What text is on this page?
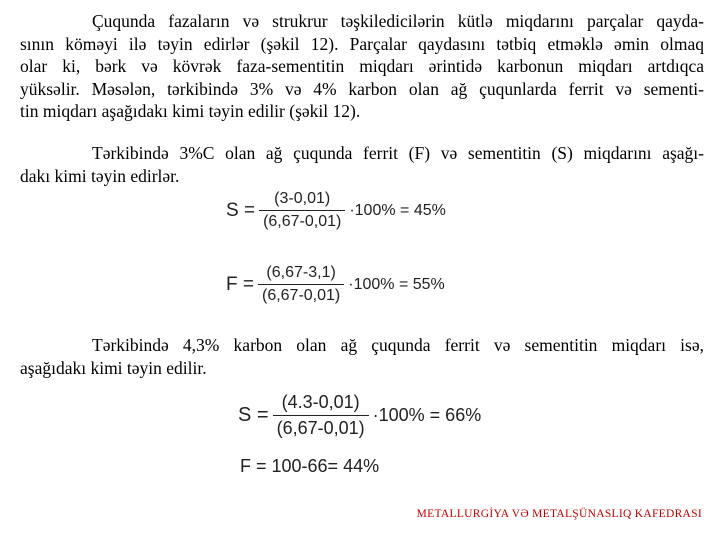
Çuqunda fazaların və strukrur təşkiledicilərin kütlə miqdarını parçalar qayda-
sının köməyi ilə təyin edirlər (şəkil 12). Parçalar qaydasını tətbiq etməklə əmin olmaq
olar ki, bərk və kövrək faza-sementitin miqdarı ərintidə karbonun miqdarı artdıqca
yüksəlir. Məsələn, tərkibində 3% və 4% karbon olan ağ çuqunlarda ferrit və sementi-
tin miqdarı aşağıdakı kimi təyin edilir (şəkil 12).
Tərkibində 3%C olan ağ çuqunda ferrit (F) və sementitin (S) miqdarını aşağı-
dakı kimi təyin edirlər.
$S = \frac{(3-0,01)}{(6,67-0,01)} \cdot 100\% = 45\%$
$F = \frac{(6,67-3,1)}{(6,67-0,01)} \cdot 100\% = 55\%$
Tərkibində 4,3% karbon olan ağ çuqunda ferrit və sementitin miqdarı isə,
aşağıdakı kimi təyin edilir.
$S = \frac{(4.3-0,01)}{(6,67-0,01)} \cdot 100\% = 66\%$
F = 100-66= 44%
METALLURGİYA VƏ METALŞÜNASLIQ KAFEDRASI
